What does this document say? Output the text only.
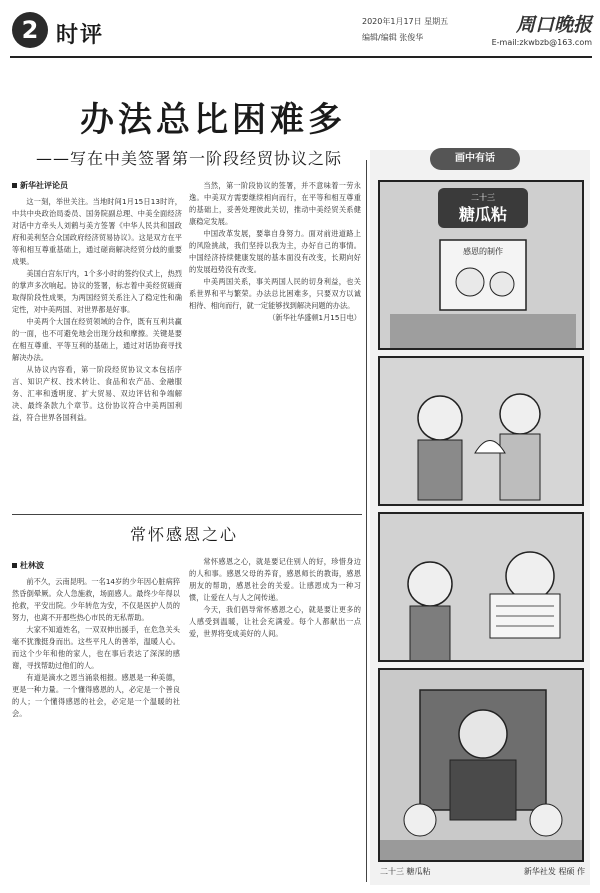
2 时评
2020年1月17日 星期五
编辑/编辑 张俊华
周口晚报
E-mail:zkwbzb@163.com
办法总比困难多
——写在中美签署第一阶段经贸协议之际
新华社评论员

这一刻，举世关注。当地时间1月15日13时许，中共中央政治局委员、国务院副总理、中美全面经济对话中方牵头人刘鹤与美方签署《中华人民共和国政府和美利坚合众国政府经济贸易协议》。这是双方在平等和相互尊重基础上，通过磋商解决经贸分歧的重要成果。

美国白宫东厅内，1个多小时的签约仪式上，热烈的掌声多次响起。协议的签署，标志着中美经贸磋商取得阶段性成果，为两国经贸关系注入了稳定性和确定性，对中美两国、对世界都是好事。

中美两个大国在经贸领域的合作，既有互利共赢的一面，也不可避免地会出现分歧和摩擦。关键是要在相互尊重、平等互利的基础上，通过对话协商寻找解决办法。

从协议内容看，第一阶段经贸协议文本包括序言、知识产权、技术转让、食品和农产品、金融服务、汇率和透明度、扩大贸易、双边评估和争端解决、最终条款九个章节。这份协议符合中美两国利益，符合世界各国利益。

当然，第一阶段协议的签署，并不意味着一劳永逸。中美双方需要继续相向而行，在平等和相互尊重的基础上，妥善处理彼此关切，推动中美经贸关系健康稳定发展。

中国改革发展，要靠自身努力。面对前进道路上的风险挑战，我们坚持以我为主，办好自己的事情。中国经济持续健康发展的基本面没有改变，长期向好的发展趋势没有改变。

中美两国关系，事关两国人民的切身利益，也关系世界和平与繁荣。办法总比困难多，只要双方以诚相待、相向而行，就一定能够找到解决问题的办法。

（新华社华盛顿1月15日电）

常怀感恩之心
杜林波

前不久，云南昆明。一名14岁的少年因心脏病猝然昏倒晕厥。众人急施救，场面感人。最终少年得以抢救，平安出院。少年转危为安，不仅是医护人员的努力，也离不开那些热心市民的无私帮助。

大家不知道姓名，一双双伸出援手，在危急关头毫不犹豫挺身而出。这些平凡人的善举，温暖人心。而这个少年和他的家人，也在事后表达了深深的感谢，寻找帮助过他们的人。

有道是滴水之恩当涌泉相报。感恩是一种美德，更是一种力量。一个懂得感恩的人，必定是一个善良的人；一个懂得感恩的社会，必定是一个温暖的社会。

常怀感恩之心，就是要记住别人的好，珍惜身边的人和事。感恩父母的养育，感恩师长的教诲，感恩朋友的帮助，感恩社会的关爱。让感恩成为一种习惯，让爱在人与人之间传递。

今天，我们倡导常怀感恩之心，就是要让更多的人感受到温暖，让社会充满爱。每个人都献出一点爱，世界将变成美好的人间。

画中有话
二十三
糖瓜粘
感恩的制作
二十三 糖瓜粘	新华社发 程硕 作
